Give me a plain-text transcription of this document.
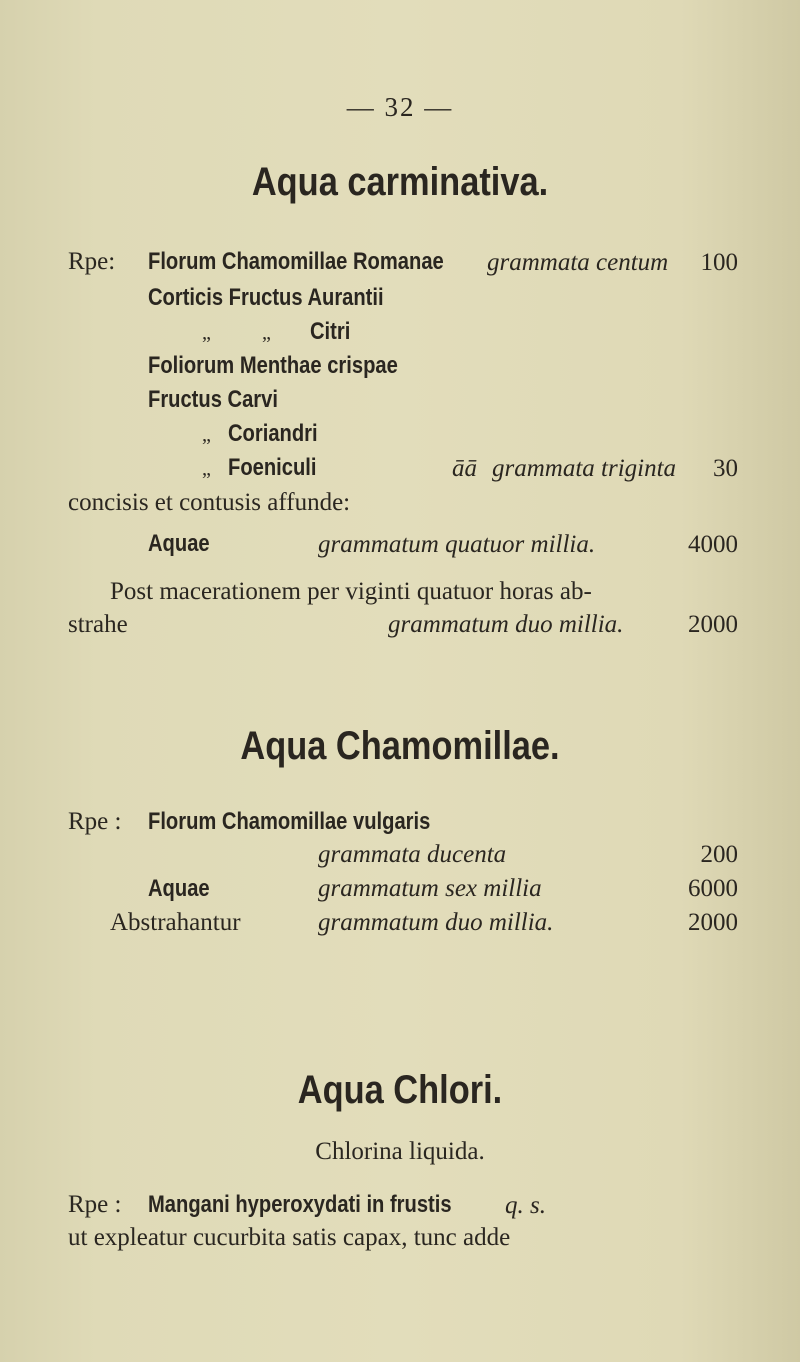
— 32 —
Aqua carminativa.
Rpe: Florum Chamomillae Romanae	grammata centum	100
Corticis Fructus Aurantii
„	„ Citri
Foliorum Menthae crispae
Fructus Carvi
„ Coriandri
„ Foeniculi	āā grammata triginta	30
concisis et contusis affunde:
Aquae	grammatum quatuor millia.	4000
Post macerationem per viginti quatuor horas ab-
strahe	grammatum duo millia.	2000
Aqua Chamomillae.
Rpe : Florum Chamomillae vulgaris
grammata ducenta	200
Aquae	grammatum sex millia	6000
Abstrahantur	grammatum duo millia.	2000
Aqua Chlori.
Chlorina liquida.
Rpe : Mangani hyperoxydati in frustis	q. s.
ut expleatur cucurbita satis capax, tunc adde
